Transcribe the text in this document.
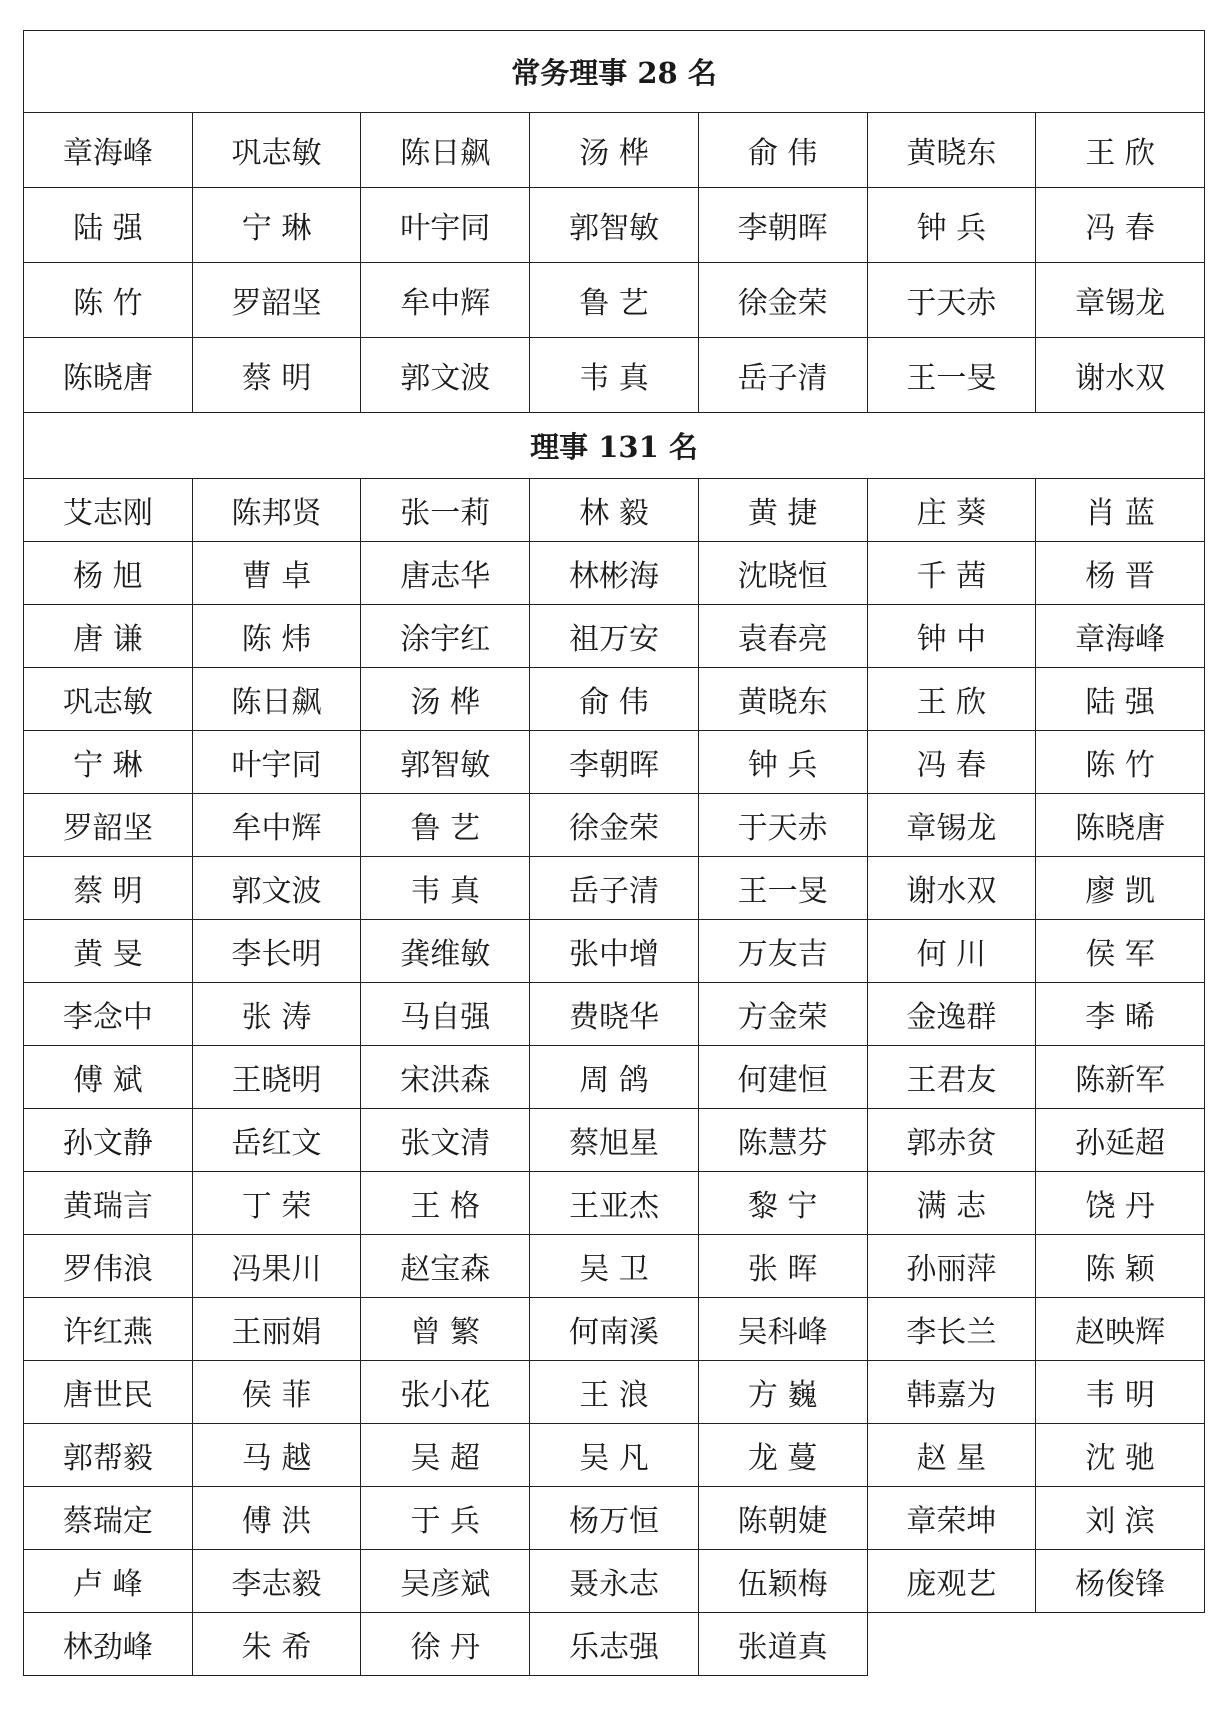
常务理事 28 名						
章海峰	巩志敏	陈日飙	汤 桦	俞 伟	黄晓东	王 欣
陆 强	宁 琳	叶宇同	郭智敏	李朝晖	钟 兵	冯 春
陈 竹	罗韶坚	牟中辉	鲁 艺	徐金荣	于天赤	章锡龙
陈晓唐	蔡 明	郭文波	韦 真	岳子清	王一旻	谢水双
理事 131 名						
艾志刚	陈邦贤	张一莉	林 毅	黄 捷	庄 葵	肖 蓝
杨 旭	曹 卓	唐志华	林彬海	沈晓恒	千 茜	杨 晋
唐 谦	陈 炜	涂宇红	祖万安	袁春亮	钟 中	章海峰
巩志敏	陈日飙	汤 桦	俞 伟	黄晓东	王 欣	陆 强
宁 琳	叶宇同	郭智敏	李朝晖	钟 兵	冯 春	陈 竹
罗韶坚	牟中辉	鲁 艺	徐金荣	于天赤	章锡龙	陈晓唐
蔡 明	郭文波	韦 真	岳子清	王一旻	谢水双	廖 凯
黄 旻	李长明	龚维敏	张中增	万友吉	何 川	侯 军
李念中	张 涛	马自强	费晓华	方金荣	金逸群	李 晞
傅 斌	王晓明	宋洪森	周 鸽	何建恒	王君友	陈新军
孙文静	岳红文	张文清	蔡旭星	陈慧芬	郭赤贫	孙延超
黄瑞言	丁 荣	王 格	王亚杰	黎 宁	满 志	饶 丹
罗伟浪	冯果川	赵宝森	吴 卫	张 晖	孙丽萍	陈 颖
许红燕	王丽娟	曾 繁	何南溪	吴科峰	李长兰	赵映辉
唐世民	侯 菲	张小花	王 浪	方 巍	韩嘉为	韦 明
郭帮毅	马 越	吴 超	吴 凡	龙 蔓	赵 星	沈 驰
蔡瑞定	傅 洪	于 兵	杨万恒	陈朝婕	章荣坤	刘 滨
卢 峰	李志毅	吴彦斌	聂永志	伍颖梅	庞观艺	杨俊锋
林劲峰	朱 希	徐 丹	乐志强	张道真		
